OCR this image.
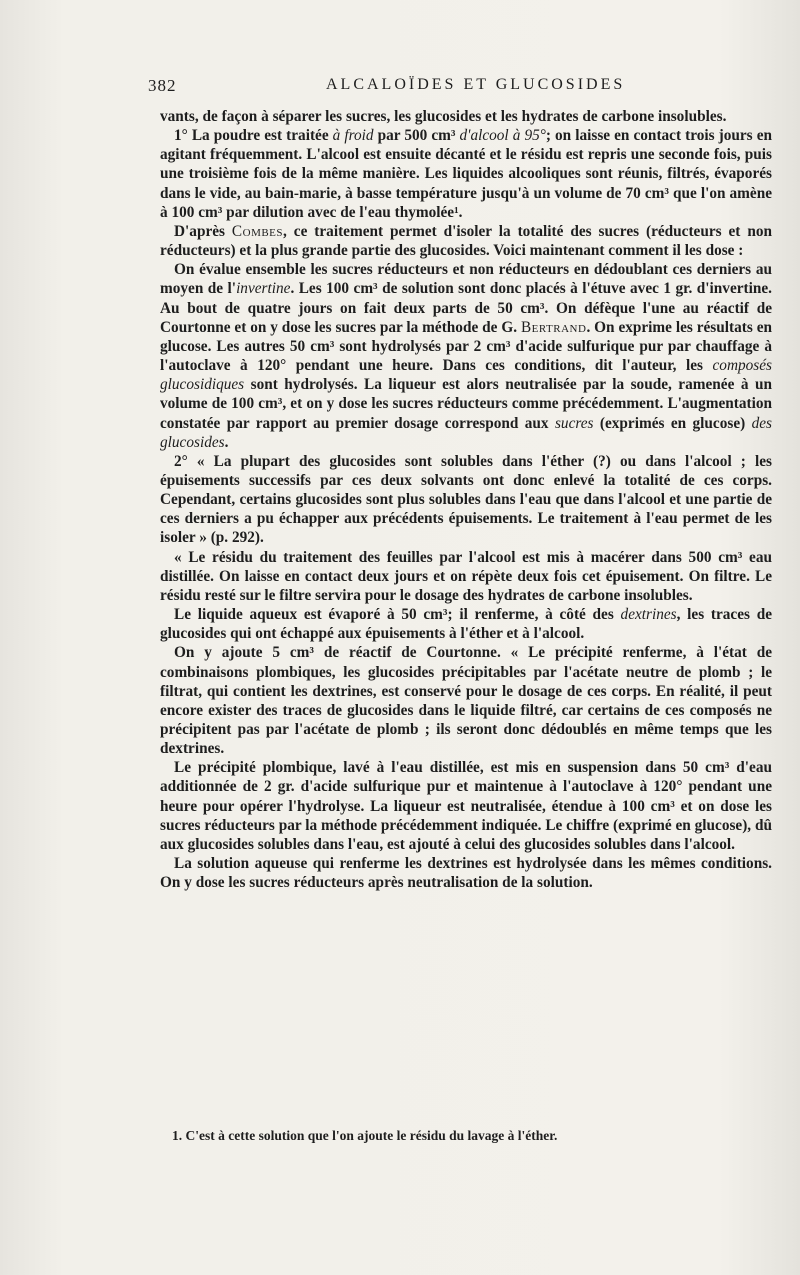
382	ALCALOÏDES ET GLUCOSIDES

vants, de façon à séparer les sucres, les glucosides et les hydrates de carbone insolubles.

1° La poudre est traitée à froid par 500 cm³ d'alcool à 95°; on laisse en contact trois jours en agitant fréquemment. L'alcool est ensuite décanté et le résidu est repris une seconde fois, puis une troisième fois de la même manière. Les liquides alcooliques sont réunis, filtrés, évaporés dans le vide, au bain-marie, à basse température jusqu'à un volume de 70 cm³ que l'on amène à 100 cm³ par dilution avec de l'eau thymolée¹.

D'après Combes, ce traitement permet d'isoler la totalité des sucres (réducteurs et non réducteurs) et la plus grande partie des glucosides. Voici maintenant comment il les dose :

On évalue ensemble les sucres réducteurs et non réducteurs en dédoublant ces derniers au moyen de l'invertine. Les 100 cm³ de solution sont donc placés à l'étuve avec 1 gr. d'invertine. Au bout de quatre jours on fait deux parts de 50 cm³. On défèque l'une au réactif de Courtonne et on y dose les sucres par la méthode de G. Bertrand. On exprime les résultats en glucose. Les autres 50 cm³ sont hydrolysés par 2 cm³ d'acide sulfurique pur par chauffage à l'autoclave à 120° pendant une heure. Dans ces conditions, dit l'auteur, les composés glucosidiques sont hydrolysés. La liqueur est alors neutralisée par la soude, ramenée à un volume de 100 cm³, et on y dose les sucres réducteurs comme précédemment. L'augmentation constatée par rapport au premier dosage correspond aux sucres (exprimés en glucose) des glucosides.

2° « La plupart des glucosides sont solubles dans l'éther (?) ou dans l'alcool ; les épuisements successifs par ces deux solvants ont donc enlevé la totalité de ces corps. Cependant, certains glucosides sont plus solubles dans l'eau que dans l'alcool et une partie de ces derniers a pu échapper aux précédents épuisements. Le traitement à l'eau permet de les isoler » (p. 292).

« Le résidu du traitement des feuilles par l'alcool est mis à macérer dans 500 cm³ eau distillée. On laisse en contact deux jours et on répète deux fois cet épuisement. On filtre. Le résidu resté sur le filtre servira pour le dosage des hydrates de carbone insolubles.

Le liquide aqueux est évaporé à 50 cm³; il renferme, à côté des dextrines, les traces de glucosides qui ont échappé aux épuisements à l'éther et à l'alcool.

On y ajoute 5 cm³ de réactif de Courtonne. « Le précipité renferme, à l'état de combinaisons plombiques, les glucosides précipitables par l'acétate neutre de plomb ; le filtrat, qui contient les dextrines, est conservé pour le dosage de ces corps. En réalité, il peut encore exister des traces de glucosides dans le liquide filtré, car certains de ces composés ne précipitent pas par l'acétate de plomb ; ils seront donc dédoublés en même temps que les dextrines.

Le précipité plombique, lavé à l'eau distillée, est mis en suspension dans 50 cm³ d'eau additionnée de 2 gr. d'acide sulfurique pur et maintenue à l'autoclave à 120° pendant une heure pour opérer l'hydrolyse. La liqueur est neutralisée, étendue à 100 cm³ et on dose les sucres réducteurs par la méthode précédemment indiquée. Le chiffre (exprimé en glucose), dû aux glucosides solubles dans l'eau, est ajouté à celui des glucosides solubles dans l'alcool.

La solution aqueuse qui renferme les dextrines est hydrolysée dans les mêmes conditions. On y dose les sucres réducteurs après neutralisation de la solution.

1. C'est à cette solution que l'on ajoute le résidu du lavage à l'éther.
